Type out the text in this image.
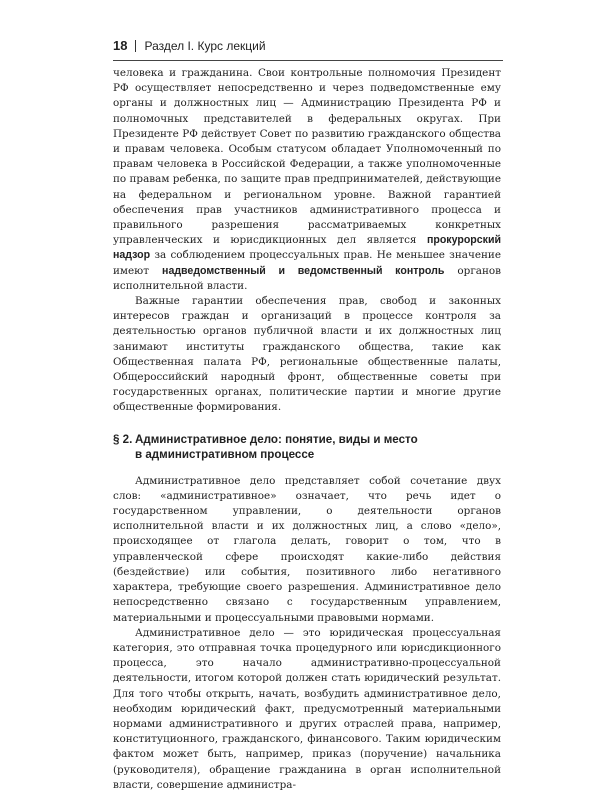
18 Раздел I. Курс лекций

человека и гражданина. Свои контрольные полномочия Президент РФ осуществляет непосредственно и через подведомственные ему органы и должностных лиц — Администрацию Президента РФ и полномочных представителей в федеральных округах. При Президенте РФ действует Совет по развитию гражданского общества и правам человека. Особым статусом обладает Уполномоченный по правам человека в Российской Федерации, а также уполномоченные по правам ребенка, по защите прав предпринимателей, действующие на федеральном и региональном уровне. Важной гарантией обеспечения прав участников административного процесса и правильного разрешения рассматриваемых конкретных управленческих и юрисдикционных дел является прокурорский надзор за соблюдением процессуальных прав. Не меньшее значение имеют надведомственный и ведомственный контроль органов исполнительной власти.

Важные гарантии обеспечения прав, свобод и законных интересов граждан и организаций в процессе контроля за деятельностью органов публичной власти и их должностных лиц занимают институты гражданского общества, такие как Общественная палата РФ, региональные общественные палаты, Общероссийский народный фронт, общественные советы при государственных органах, политические партии и многие другие общественные формирования.

§ 2. Административное дело: понятие, виды и место
в административном процессе

Административное дело представляет собой сочетание двух слов: «административное» означает, что речь идет о государственном управлении, о деятельности органов исполнительной власти и их должностных лиц, а слово «дело», происходящее от глагола делать, говорит о том, что в управленческой сфере происходят какие-либо действия (бездействие) или события, позитивного либо негативного характера, требующие своего разрешения. Административное дело непосредственно связано с государственным управлением, материальными и процессуальными правовыми нормами.

Административное дело — это юридическая процессуальная категория, это отправная точка процедурного или юрисдикционного процесса, это начало административно-процессуальной деятельности, итогом которой должен стать юридический результат. Для того чтобы открыть, начать, возбудить административное дело, необходим юридический факт, предусмотренный материальными нормами административного и других отраслей права, например, конституционного, гражданского, финансового. Таким юридическим фактом может быть, например, приказ (поручение) начальника (руководителя), обращение гражданина в орган исполнительной власти, совершение администра-
